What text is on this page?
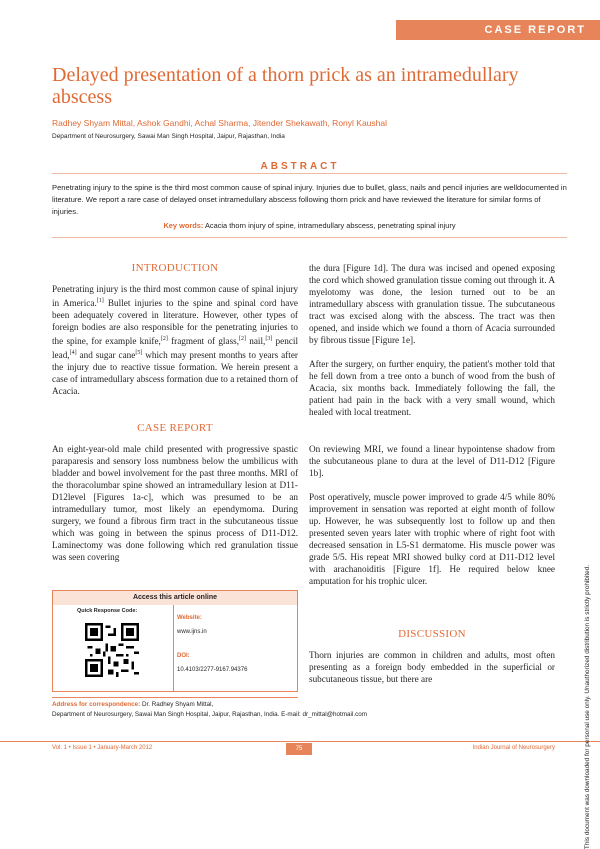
CASE REPORT
Delayed presentation of a thorn prick as an intramedullary abscess
Radhey Shyam Mittal, Ashok Gandhi, Achal Sharma, Jitender Shekawath, Ronyl Kaushal
Department of Neurosurgery, Sawai Man Singh Hospital, Jaipur, Rajasthan, India
ABSTRACT
Penetrating injury to the spine is the third most common cause of spinal injury. Injuries due to bullet, glass, nails and pencil injuries are welldocumented in literature. We report a rare case of delayed onset intramedullary abscess following thorn prick and have reviewed the literature for similar forms of injuries.
Key words: Acacia thorn injury of spine, intramedullary abscess, penetrating spinal injury
INTRODUCTION
Penetrating injury is the third most common cause of spinal injury in America.[1] Bullet injuries to the spine and spinal cord have been adequately covered in literature. However, other types of foreign bodies are also responsible for the penetrating injuries to the spine, for example knife,[2] fragment of glass,[2] nail,[3] pencil lead,[4] and sugar cane[5] which may present months to years after the injury due to reactive tissue formation. We herein present a case of intramedullary abscess formation due to a retained thorn of Acacia.
CASE REPORT
An eight-year-old male child presented with progressive spastic paraparesis and sensory loss numbness below the umbilicus with bladder and bowel involvement for the past three months. MRI of the thoracolumbar spine showed an intramedullary lesion at D11-D12level [Figures 1a-c], which was presumed to be an intramedullary tumor, most likely an ependymoma. During surgery, we found a fibrous firm tract in the subcutaneous tissue which was going in between the spinus process of D11-D12. Laminectomy was done following which red granulation tissue was seen covering
Access this article online
Quick Response Code:
Website:
www.ijns.in
DOI:
10.4103/2277-9167.94376
the dura [Figure 1d]. The dura was incised and opened exposing the cord which showed granulation tissue coming out through it. A myelotomy was done, the lesion turned out to be an intramedullary abscess with granulation tissue. The subcutaneous tract was excised along with the abscess. The tract was then opened, and inside which we found a thorn of Acacia surrounded by fibrous tissue [Figure 1e].
After the surgery, on further enquiry, the patient's mother told that he fell down from a tree onto a bunch of wood from the bush of Acacia, six months back. Immediately following the fall, the patient had pain in the back with a very small wound, which healed with local treatment.
On reviewing MRI, we found a linear hypointense shadow from the subcutaneous plane to dura at the level of D11-D12 [Figure 1b].
Post operatively, muscle power improved to grade 4/5 while 80% improvement in sensation was reported at eight month of follow up. However, he was subsequently lost to follow up and then presented seven years later with trophic where of right foot with decreased sensation in L5-S1 dermatome. His muscle power was grade 5/5. His repeat MRI showed bulky cord at D11-D12 level with arachanoiditis [Figure 1f]. He required below knee amputation for his trophic ulcer.
DISCUSSION
Thorn injuries are common in children and adults, most often presenting as a foreign body embedded in the superficial or subcutaneous tissue, but there are
Address for correspondence: Dr. Radhey Shyam Mittal,
Department of Neurosurgery, Sawai Man Singh Hospital, Jaipur, Rajasthan, India. E-mail: dr_mittal@hotmail.com
Vol. 1 • Issue 1 • January-March 2012	75	Indian Journal of Neurosurgery	This document was downloaded for personal use only. Unauthorized distribution is strictly prohibited.
